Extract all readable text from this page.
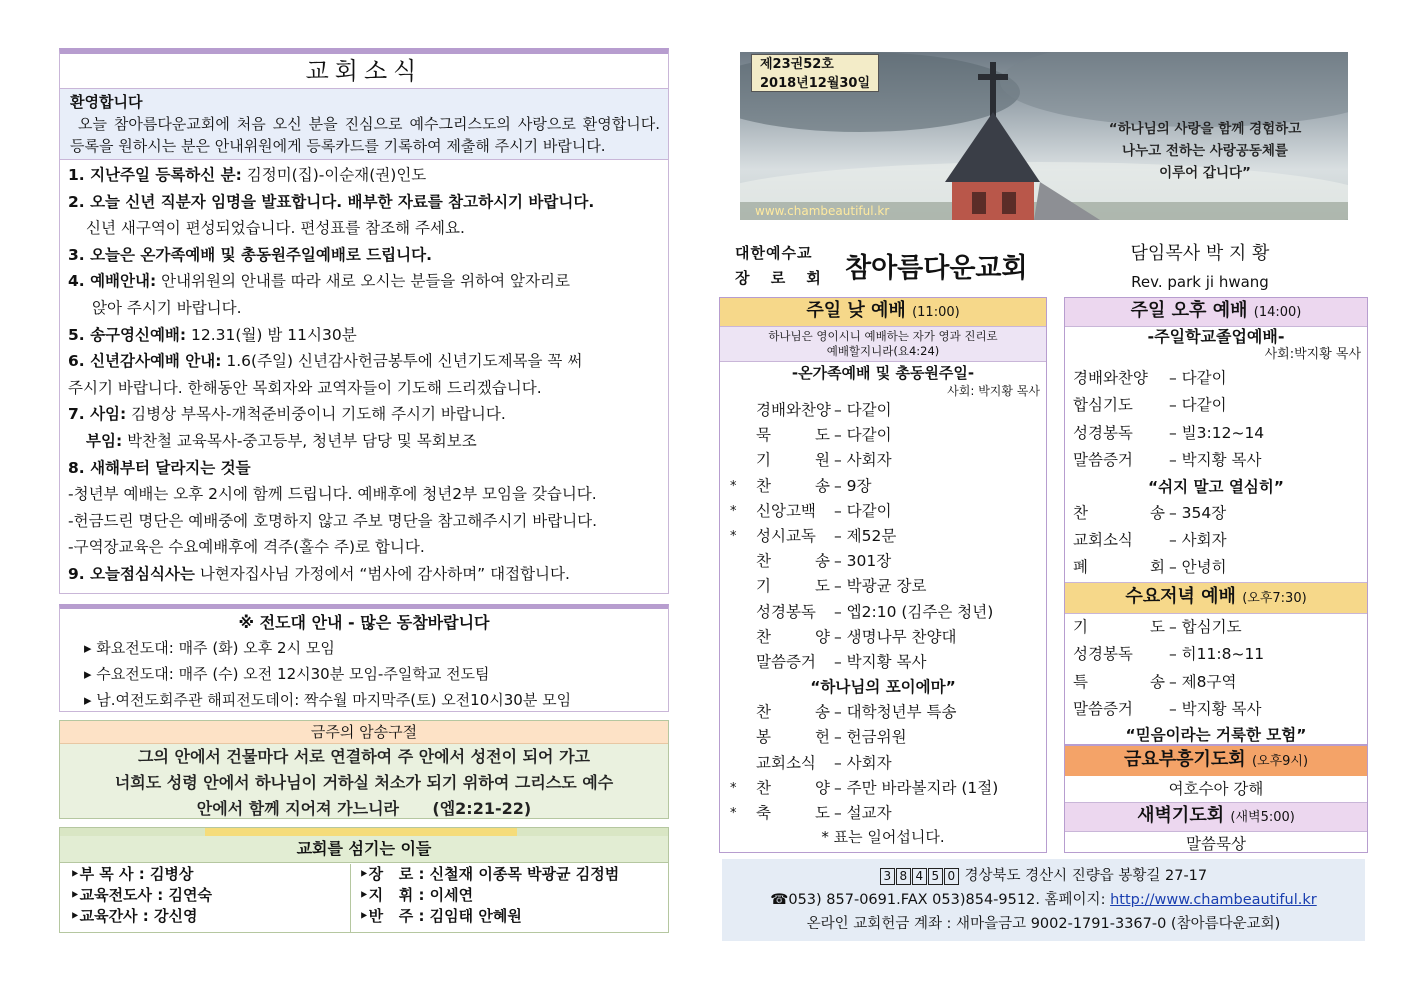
교회소식
환영합니다
오늘 참아름다운교회에 처음 오신 분을 진심으로 예수그리스도의 사랑으로 환영합니다. 등록을 원하시는 분은 안내위원에게 등록카드를 기록하여 제출해 주시기 바랍니다.
1. 지난주일 등록하신 분: 김정미(집)-이순재(권)인도
2. 오늘 신년 직분자 임명을 발표합니다. 배부한 자료를 참고하시기 바랍니다.
신년 새구역이 편성되었습니다. 편성표를 참조해 주세요.
3. 오늘은 온가족예배 및 총동원주일예배로 드립니다.
4. 예배안내: 안내위원의 안내를 따라 새로 오시는 분들을 위하여 앞자리로
앉아 주시기 바랍니다.
5. 송구영신예배: 12.31(월) 밤 11시30분
6. 신년감사예배 안내: 1.6(주일) 신년감사헌금봉투에 신년기도제목을 꼭 써
주시기 바랍니다. 한해동안 목회자와 교역자들이 기도해 드리겠습니다.
7. 사임: 김병상 부목사-개척준비중이니 기도해 주시기 바랍니다.
부임: 박찬철 교육목사-중고등부, 청년부 담당 및 목회보조
8. 새해부터 달라지는 것들
-청년부 예배는 오후 2시에 함께 드립니다. 예배후에 청년2부 모임을 갖습니다.
-헌금드린 명단은 예배중에 호명하지 않고 주보 명단을 참고해주시기 바랍니다.
-구역장교육은 수요예배후에 격주(홀수 주)로 합니다.
9. 오늘점심식사는 나현자집사님 가정에서 “범사에 감사하며” 대접합니다.
※ 전도대 안내 - 많은 동참바랍니다
▸ 화요전도대: 매주 (화) 오후 2시 모임
▸ 수요전도대: 매주 (수) 오전 12시30분 모임-주일학교 전도팀
▸ 남.여전도회주관 해피전도데이: 짝수월 마지막주(토) 오전10시30분 모임
금주의 암송구절
그의 안에서 건물마다 서로 연결하여 주 안에서 성전이 되어 가고
너희도 성령 안에서 하나님이 거하실 처소가 되기 위하여 그리스도 예수
안에서 함께 지어져 가느니라      (엡2:21-22)
교회를 섬기는 이들
‣부 목 사 : 김병상
‣교육전도사 : 김연숙
‣교육간사 : 강신영
‣장   로 : 신철재 이종목 박광균 김정범
‣지   휘 : 이세연
‣반   주 : 김임태 안혜원
제23권52호
2018년12월30일
www.chambeautiful.kr
“하나님의 사랑을 함께 경험하고
나누고 전하는 사랑공동체를
이루어 갑니다”
대한예수교
장 로 회 참아름다운교회	담임목사 박 지 황
Rev. park ji hwang
주일 낮 예배 (11:00)
하나님은 영이시니 예배하는 자가 영과 진리로
예배할지니라(요4:24)
-온가족예배 및 총동원주일-
사회: 박지황 목사
경배와찬양 – 다같이
묵 도 – 다같이
기 원 – 사회자
* 찬 송 – 9장
* 신앙고백 – 다같이
* 성시교독 – 제52문
찬 송 – 301장
기 도 – 박광균 장로
성경봉독 – 엡2:10 (김주은 청년)
찬 양 – 생명나무 찬양대
말씀증거 – 박지황 목사
“하나님의 포이에마”
찬 송 – 대학청년부 특송
봉 헌 – 헌금위원
교회소식 – 사회자
* 찬 양 – 주만 바라볼지라 (1절)
* 축 도 – 설교자
* 표는 일어섭니다.
주일 오후 예배 (14:00)
-주일학교졸업예배-
사회:박지황 목사
경배와찬양 – 다같이
합심기도 – 다같이
성경봉독 – 빌3:12~14
말씀증거 – 박지황 목사
“쉬지 말고 열심히”
찬 송 – 354장
교회소식 – 사회자
폐 회 – 안녕히
수요저녁 예배 (오후7:30)
기 도 – 합심기도
성경봉독 – 히11:8~11
특 송 – 제8구역
말씀증거 – 박지황 목사
“믿음이라는 거룩한 모험”
금요부흥기도회 (오후9시)
여호수아 강해
새벽기도회 (새벽5:00)
말씀묵상
3 8 4 5 0 경상북도 경산시 진량읍 봉황길 27-17
☎053) 857-0691.FAX 053)854-9512. 홈페이지: http://www.chambeautiful.kr
온라인 교회헌금 계좌 : 새마을금고 9002-1791-3367-0 (참아름다운교회)
